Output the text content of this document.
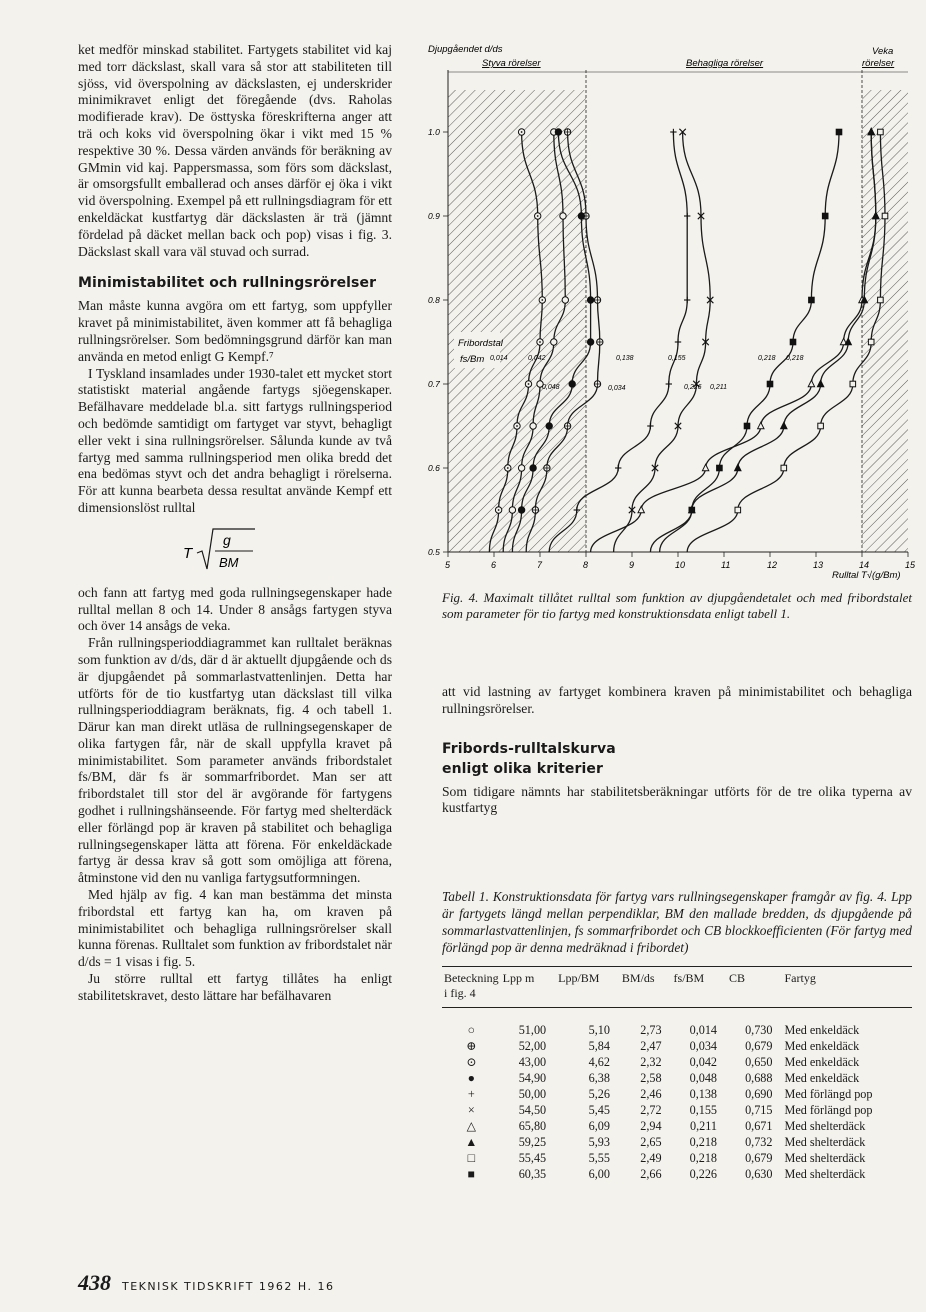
ket medför minskad stabilitet. Fartygets stabilitet vid kaj med torr däckslast, skall vara så stor att stabiliteten till sjöss, vid överspolning av däckslasten, ej underskrider minimikravet enligt det föregående (dvs. Raholas modifierade krav). De östtyska föreskrifterna anger att trä och koks vid överspolning ökar i vikt med 15 % respektive 30 %. Dessa värden används för beräkning av GMmin vid kaj. Pappersmassa, som förs som däckslast, är omsorgsfullt emballerad och anses därför ej öka i vikt vid överspolning. Exempel på ett rullningsdiagram för ett enkeldäckat kustfartyg där däckslasten är trä (jämnt fördelad på däcket mellan back och pop) visas i fig. 3. Däckslast skall vara väl stuvad och surrad.

Minimistabilitet och rullningsrörelser

Man måste kunna avgöra om ett fartyg, som uppfyller kravet på minimistabilitet, även kommer att få behagliga rullningsrörelser. Som bedömningsgrund därför kan man använda en metod enligt G Kempf.⁷

I Tyskland insamlades under 1930-talet ett mycket stort statistiskt material angående fartygs sjöegenskaper. Befälhavare meddelade bl.a. sitt fartygs rullningsperiod och bedömde samtidigt om fartyget var styvt, behagligt eller vekt i sina rullningsrörelser. Sålunda kunde av två fartyg med samma rullningsperiod men olika bredd det ena bedömas styvt och det andra behagligt i rörelserna. För att kunna bearbeta dessa resultat använde Kempf ett dimensionslöst rulltal

T
g
BM

och fann att fartyg med goda rullningsegenskaper hade rulltal mellan 8 och 14. Under 8 ansågs fartygen styva och över 14 ansågs de veka.

Från rullningsperioddiagrammet kan rulltalet beräknas som funktion av d/ds, där d är aktuellt djupgående och ds är djupgåendet på sommarlastvattenlinjen. Detta har utförts för de tio kustfartyg utan däckslast till vilka rullningsperioddiagram beräknats, fig. 4 och tabell 1. Därur kan man direkt utläsa de rullningsegenskaper de olika fartygen får, när de skall uppfylla kravet på minimistabilitet. Som parameter används fribordstalet fs/BM, där fs är sommarfribordet. Man ser att fribordstalet till stor del är avgörande för fartygens godhet i rullningshänseende. För fartyg med shelterdäck eller förlängd pop är kraven på stabilitet och behagliga rullningsegenskaper lätta att förena. För enkeldäckade fartyg är dessa krav så gott som omöjliga att förena, åtminstone vid den nu vanliga fartygsutformningen.

Med hjälp av fig. 4 kan man bestämma det minsta fribordstal ett fartyg kan ha, om kraven på minimistabilitet och behagliga rullningsrörelser skall kunna förenas. Rulltalet som funktion av fribordstalet när d/ds = 1 visas i fig. 5.

Ju större rulltal ett fartyg tillåtes ha enligt stabilitetskravet, desto lättare har befälhavaren

5	6	7	8	9	10	11	12	13	14	15
1.0
0.9
0.8
0.7
0.6
0.5
Djupgåendet d/ds
Styva rörelser	Behagliga rörelser
Veka
rörelser
Fribordstal
fs/Bm
Rulltal T√(g/Bm)
0,014	0,042
0,048	0,034
0,138	0,155
0,226 0,211
0,218 0,218
Fig. 4. Maximalt tillåtet rulltal som funktion av djupgåendetalet och med fribordstalet som parameter för tio fartyg med konstruktionsdata enligt tabell 1.

att vid lastning av fartyget kombinera kraven på minimistabilitet och behagliga rullningsrörelser.

Fribords-rulltalskurva
enligt olika kriterier

Som tidigare nämnts har stabilitetsberäkningar utförts för de tre olika typerna av kustfartyg

Tabell 1. Konstruktionsdata för fartyg vars rullningsegenskaper framgår av fig. 4. Lpp är fartygets längd mellan perpendiklar, BM den mallade bredden, ds djupgående på sommarlastvattenlinjen, fs sommarfribordet och CB blockkoefficienten (För fartyg med förlängd pop är denna medräknad i fribordet)
Beteckning i fig. 4	Lpp m	Lpp/BM	BM/ds	fs/BM	CB	Fartyg
○	51,00	5,10	2,73	0,014	0,730	Med enkeldäck
⊕	52,00	5,84	2,47	0,034	0,679	Med enkeldäck
⊙	43,00	4,62	2,32	0,042	0,650	Med enkeldäck
●	54,90	6,38	2,58	0,048	0,688	Med enkeldäck
+	50,00	5,26	2,46	0,138	0,690	Med förlängd pop
×	54,50	5,45	2,72	0,155	0,715	Med förlängd pop
△	65,80	6,09	2,94	0,211	0,671	Med shelterdäck
▲	59,25	5,93	2,65	0,218	0,732	Med shelterdäck
□	55,45	5,55	2,49	0,218	0,679	Med shelterdäck
■	60,35	6,00	2,66	0,226	0,630	Med shelterdäck
438 TEKNISK TIDSKRIFT 1962 H. 16
